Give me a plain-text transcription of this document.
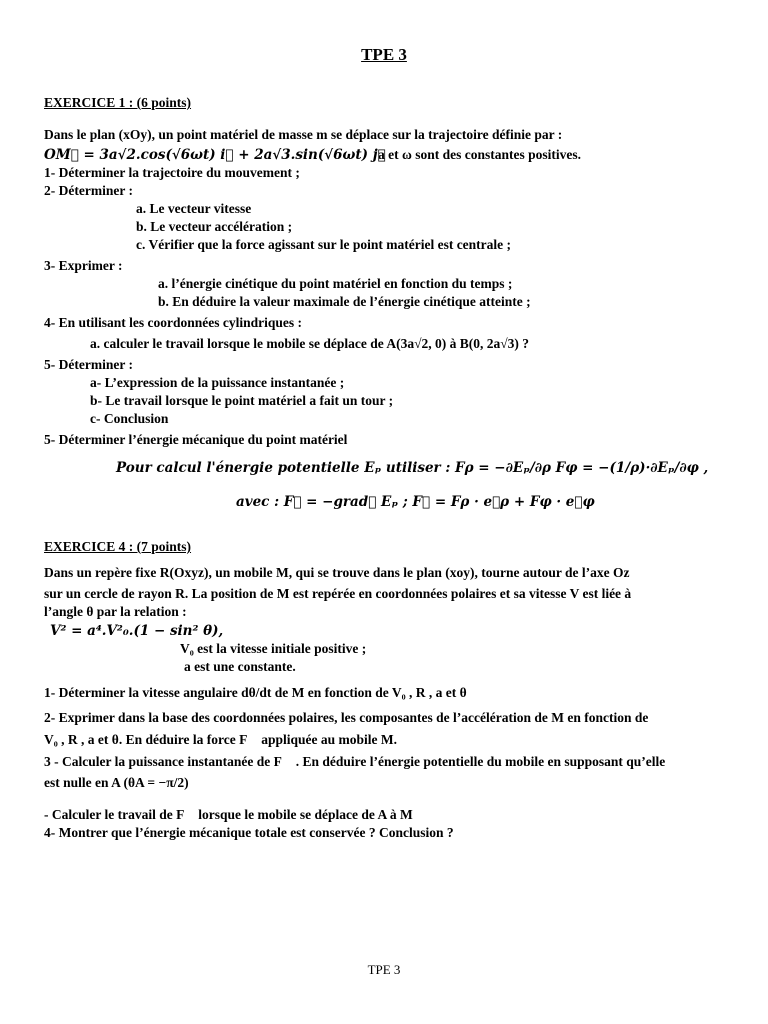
TPE 3
EXERCICE 1 : (6 points)
Dans le plan (xOy), un point matériel de masse m se déplace sur la trajectoire définie par :
OM⃗ = 3a√2.cos(√6ωt) i⃗ + 2a√3.sin(√6ωt) j⃗
a et ω sont des constantes positives.
1- Déterminer la trajectoire du mouvement ;
2- Déterminer :
a. Le vecteur vitesse
b. Le vecteur accélération ;
c. Vérifier que la force agissant sur le point matériel est centrale ;
3- Exprimer :
a. l’énergie cinétique du point matériel en fonction du temps ;
b. En déduire la valeur maximale de l’énergie cinétique atteinte ;
4- En utilisant les coordonnées cylindriques :
a. calculer le travail lorsque le mobile se déplace de A(3a√2, 0) à B(0, 2a√3) ?
5- Déterminer :
a- L’expression de la puissance instantanée ;
b- Le travail lorsque le point matériel a fait un tour ;
c- Conclusion
5- Déterminer l’énergie mécanique du point matériel
Pour calcul l'énergie potentielle Eₚ utiliser : Fρ = −∂Eₚ/∂ρ Fφ = −(1/ρ)·∂Eₚ/∂φ ,
avec : F⃗ = −grad⃗ Eₚ ; F⃗ = Fρ · e⃗ρ + Fφ · e⃗φ
EXERCICE 4 : (7 points)
Dans un repère fixe R(Oxyz), un mobile M, qui se trouve dans le plan (xoy), tourne autour de l’axe Oz
sur un cercle de rayon R. La position de M est repérée en coordonnées polaires et sa vitesse V est liée à
l’angle θ par la relation :
V² = a⁴.V²₀.(1 − sin² θ),
V₀ est la vitesse initiale positive ;
a est une constante.
1- Déterminer la vitesse angulaire dθ/dt de M en fonction de V₀ , R , a et θ
2- Exprimer dans la base des coordonnées polaires, les composantes de l’accélération de M en fonction de
V₀ , R , a et θ. En déduire la force F⃗ appliquée au mobile M.
3 - Calculer la puissance instantanée de F⃗ . En déduire l’énergie potentielle du mobile en supposant qu’elle
est nulle en A (θA = −π/2)
- Calculer le travail de F⃗ lorsque le mobile se déplace de A à M
4- Montrer que l’énergie mécanique totale est conservée ? Conclusion ?
TPE 3
